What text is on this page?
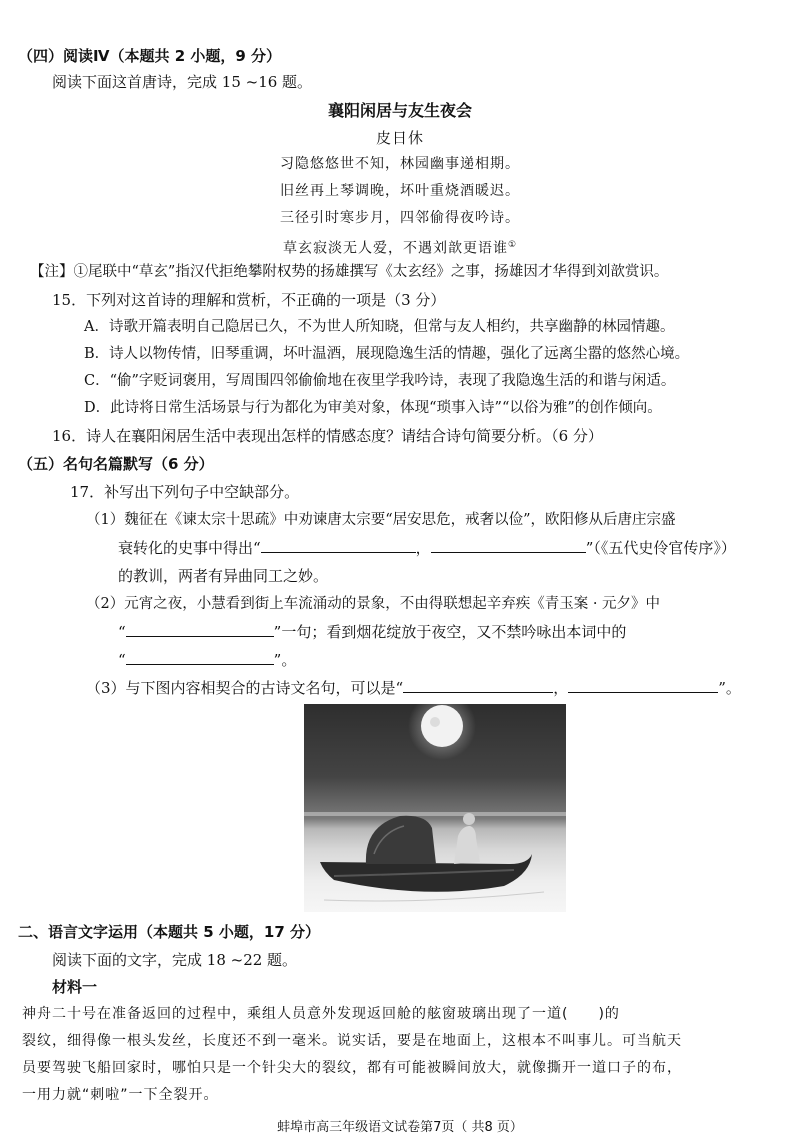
（四）阅读Ⅳ（本题共 2 小题，9 分）
阅读下面这首唐诗，完成 15 ~16 题。
襄阳闲居与友生夜会
皮日休
习隐悠悠世不知，林园幽事递相期。
旧丝再上琴调晚，坏叶重烧酒暖迟。
三径引时寒步月，四邻偷得夜吟诗。
草玄寂淡无人爱，不遇刘歆更语谁①
【注】①尾联中“草玄”指汉代拒绝攀附权势的扬雄撰写《太玄经》之事，扬雄因才华得到刘歆赏识。
15．下列对这首诗的理解和赏析，不正确的一项是（3 分）
A．诗歌开篇表明自己隐居已久，不为世人所知晓，但常与友人相约，共享幽静的林园情趣。
B．诗人以物传情，旧琴重调，坏叶温酒，展现隐逸生活的情趣，强化了远离尘嚣的悠然心境。
C．“偷”字贬词褒用，写周围四邻偷偷地在夜里学我吟诗，表现了我隐逸生活的和谐与闲适。
D．此诗将日常生活场景与行为都化为审美对象，体现“琐事入诗”“以俗为雅”的创作倾向。
16．诗人在襄阳闲居生活中表现出怎样的情感态度？请结合诗句简要分析。（6 分）
（五）名句名篇默写（6 分）
17．补写出下列句子中空缺部分。
（1）魏征在《谏太宗十思疏》中劝谏唐太宗要“居安思危，戒奢以俭”，欧阳修从后唐庄宗盛
衰转化的史事中得出“	，	”（《五代史伶官传序》）
的教训，两者有异曲同工之妙。
（2）元宵之夜，小慧看到街上车流涌动的景象，不由得联想起辛弃疾《青玉案 · 元夕》中
“	”一句；看到烟花绽放于夜空，又不禁吟咏出本词中的
“	”。
（3）与下图内容相契合的古诗文名句，可以是“	，	”。
二、语言文字运用（本题共 5 小题，17 分）
阅读下面的文字，完成 18 ~22 题。
材料一
神舟二十号在准备返回的过程中，乘组人员意外发现返回舱的舷窗玻璃出现了一道(　　)的
裂纹，细得像一根头发丝，长度还不到一毫米。说实话，要是在地面上，这根本不叫事儿。可当航天
员要驾驶飞船回家时，哪怕只是一个针尖大的裂纹，都有可能被瞬间放大，就像撕开一道口子的布，
一用力就“刺啦”一下全裂开。
蚌埠市高三年级语文试卷第7页（ 共8 页）
